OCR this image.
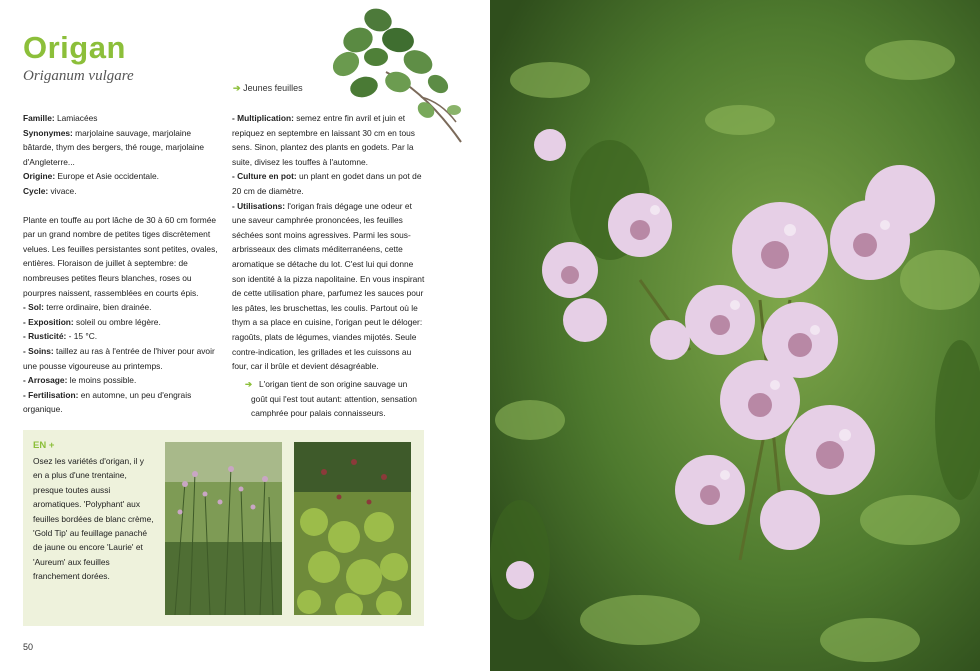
Origan
Origanum vulgare
➔ Jeunes feuilles

Famille: Lamiacées

Synonymes: marjolaine sauvage, marjolaine bâtarde, thym des bergers, thé rouge, marjolaine d'Angleterre...

Origine: Europe et Asie occidentale.

Cycle: vivace.

Plante en touffe au port lâche de 30 à 60 cm formée par un grand nombre de petites tiges discrètement velues. Les feuilles persistantes sont petites, ovales, entières. Floraison de juillet à septembre: de nombreuses petites fleurs blanches, roses ou pourpres naissent, rassemblées en courts épis.

- Sol: terre ordinaire, bien drainée.

- Exposition: soleil ou ombre légère.

- Rusticité: - 15 °C.

- Soins: taillez au ras à l'entrée de l'hiver pour avoir une pousse vigoureuse au printemps.

- Arrosage: le moins possible.

- Fertilisation: en automne, un peu d'engrais organique.

- Multiplication: semez entre fin avril et juin et repiquez en septembre en laissant 30 cm en tous sens. Sinon, plantez des plants en godets. Par la suite, divisez les touffes à l'automne.

- Culture en pot: un plant en godet dans un pot de 20 cm de diamètre.

- Utilisations: l'origan frais dégage une odeur et une saveur camphrée prononcées, les feuilles séchées sont moins agressives. Parmi les sous-arbrisseaux des climats méditerranéens, cette aromatique se détache du lot. C'est lui qui donne son identité à la pizza napolitaine. En vous inspirant de cette utilisation phare, parfumez les sauces pour les pâtes, les bruschettas, les coulis. Partout où le thym a sa place en cuisine, l'origan peut le déloger: ragoûts, plats de légumes, viandes mijotés. Seule contre-indication, les grillades et les cuissons au four, car il brûle et devient désagréable.

➔ L'origan tient de son origine sauvage un goût qui l'est tout autant: attention, sensation camphrée pour palais connaisseurs.
EN +
Osez les variétés d'origan, il y en a plus d'une trentaine, presque toutes aussi aromatiques. 'Polyphant' aux feuilles bordées de blanc crème, 'Gold Tip' au feuillage panaché de jaune ou encore 'Laurie' et 'Aureum' aux feuilles franchement dorées.
50
